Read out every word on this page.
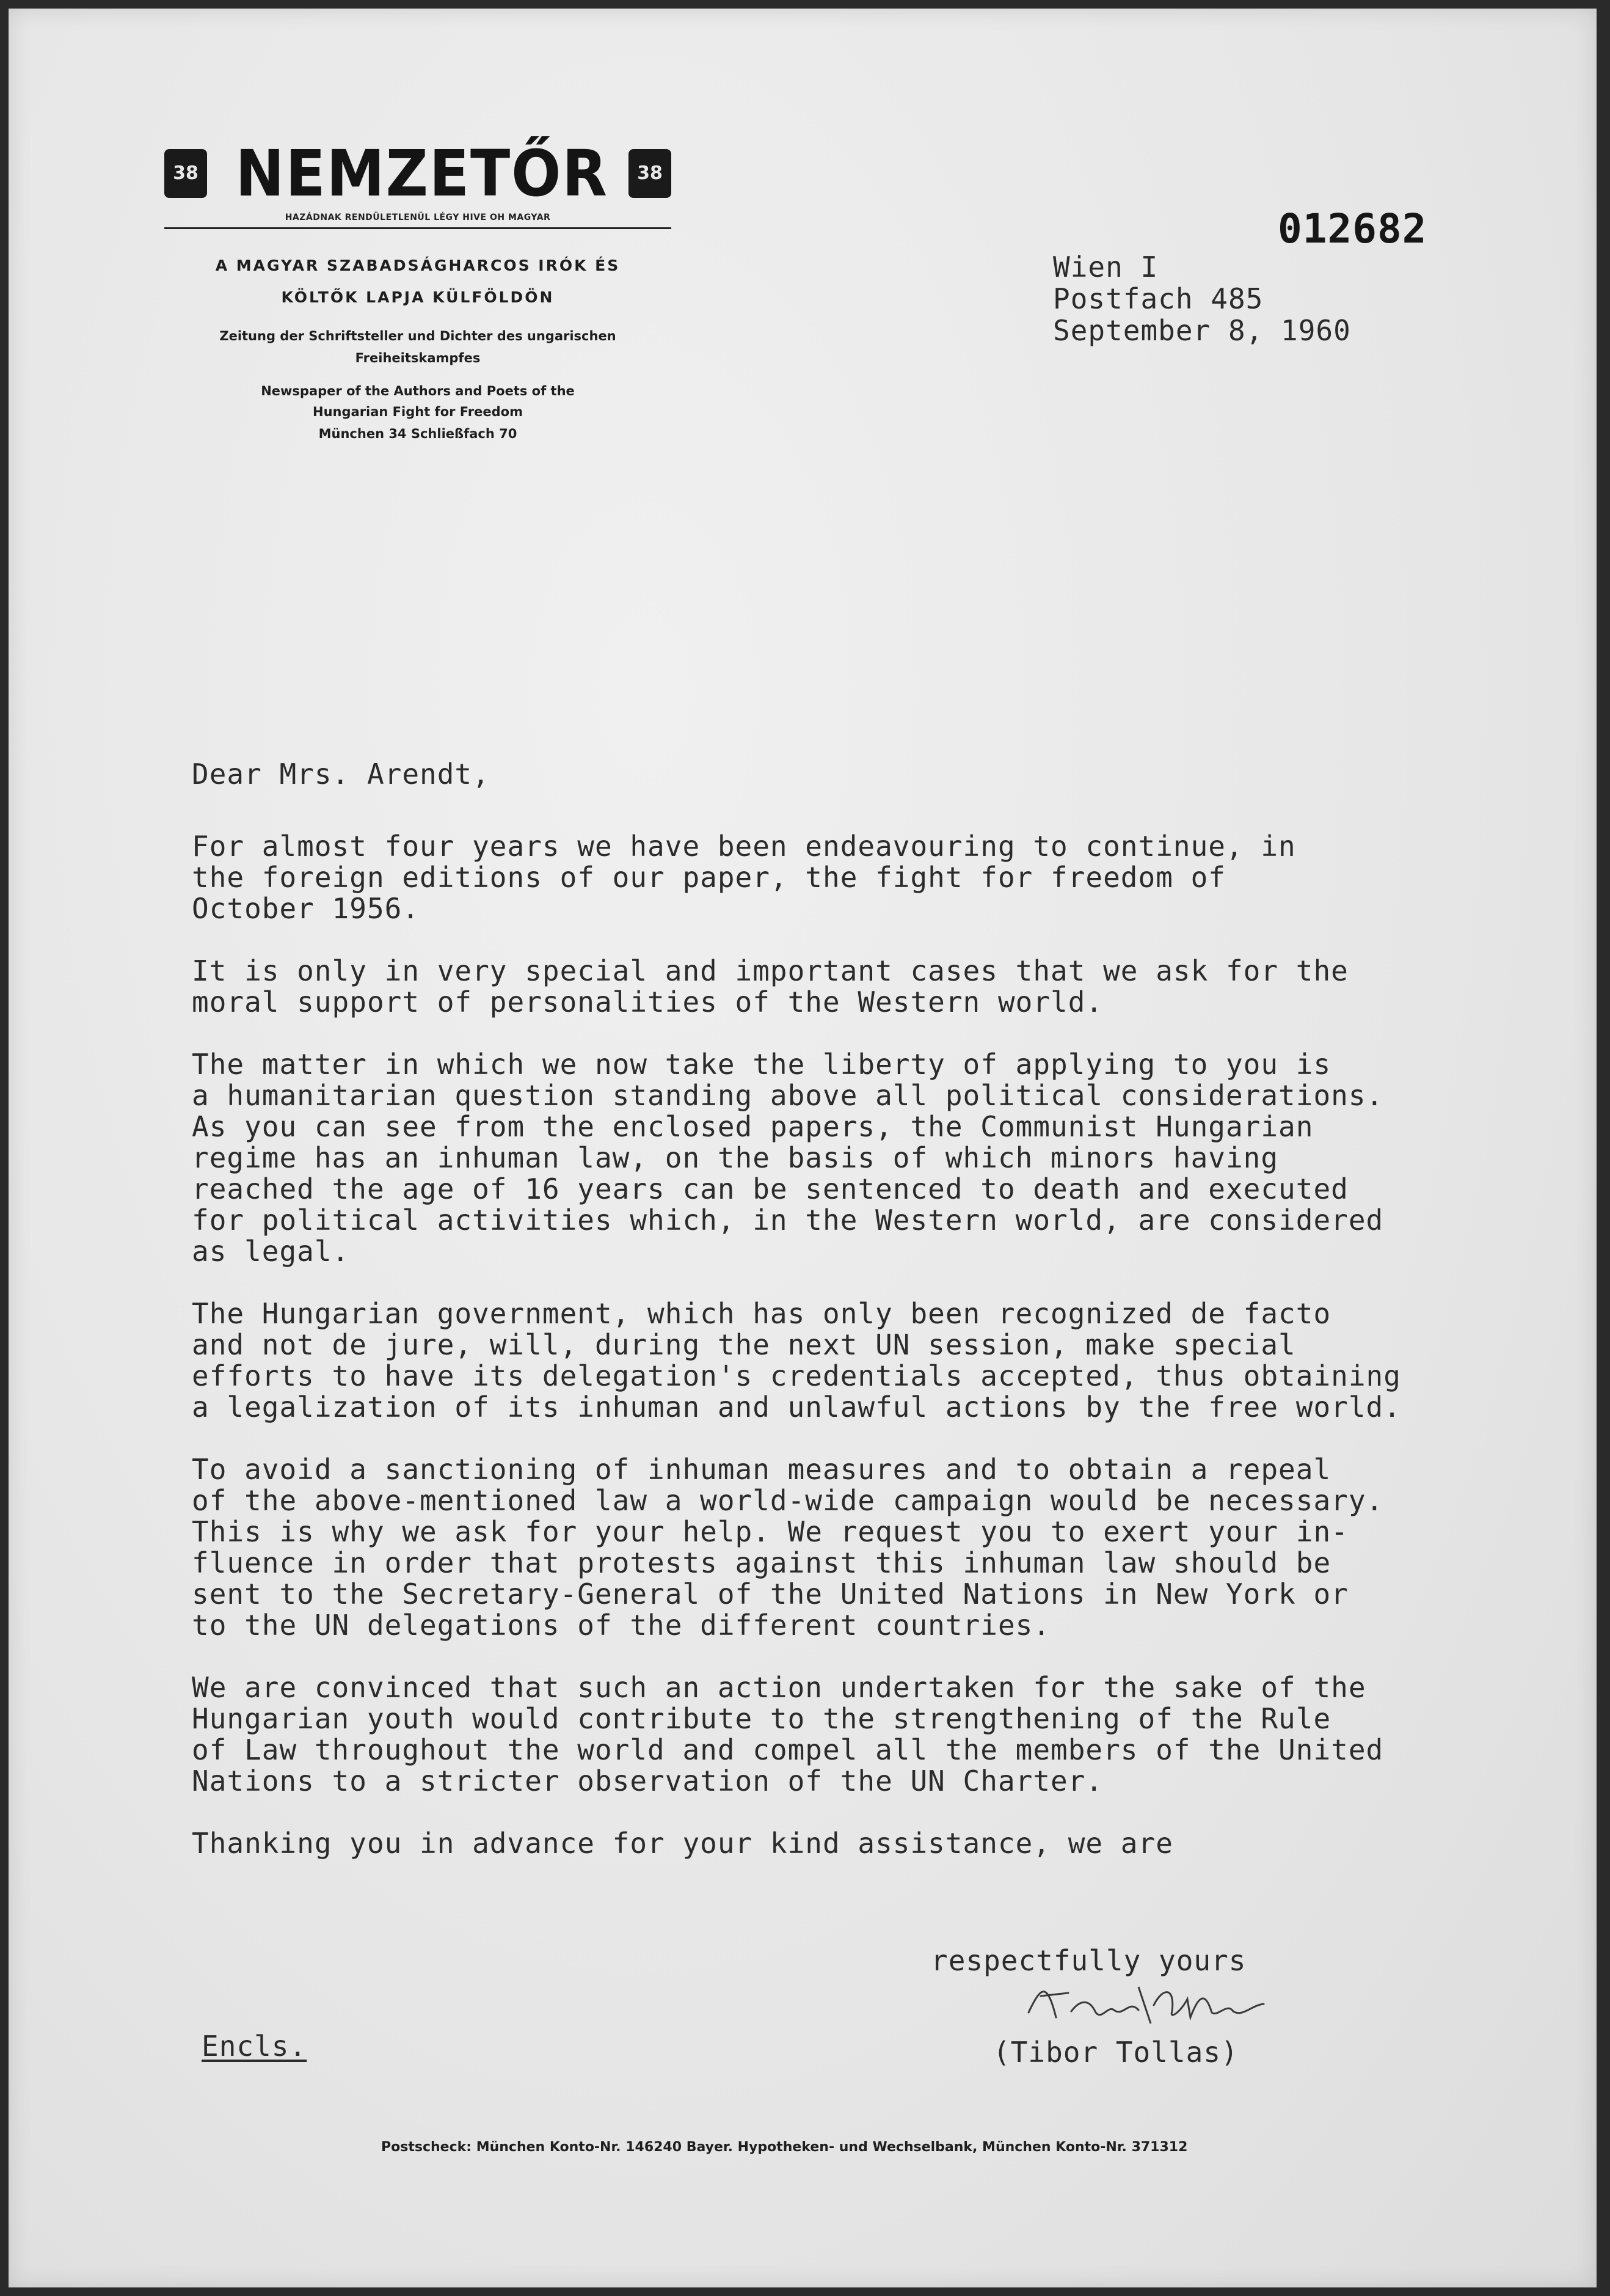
38 NEMZETŐR	38
HAZÁDNAK RENDÜLETLENÜL LÉGY HIVE OH MAGYAR
A MAGYAR SZABADSÁGHARCOS IRÓK ÉS
KÖLTŐK LAPJA KÜLFÖLDÖN
Zeitung der Schriftsteller und Dichter des ungarischen
Freiheitskampfes
Newspaper of the Authors and Poets of the
Hungarian Fight for Freedom
München 34 Schließfach 70
012682
Wien I
Postfach 485
September 8, 1960
Dear Mrs. Arendt,
For almost four years we have been endeavouring to continue, in
the foreign editions of our paper, the fight for freedom of
October 1956.
It is only in very special and important cases that we ask for the
moral support of personalities of the Western world.
The matter in which we now take the liberty of applying to you is
a humanitarian question standing above all political considerations.
As you can see from the enclosed papers, the Communist Hungarian
regime has an inhuman law, on the basis of which minors having
reached the age of 16 years can be sentenced to death and executed
for political activities which, in the Western world, are considered
as legal.
The Hungarian government, which has only been recognized de facto
and not de jure, will, during the next UN session, make special
efforts to have its delegation's credentials accepted, thus obtaining
a legalization of its inhuman and unlawful actions by the free world.
To avoid a sanctioning of inhuman measures and to obtain a repeal
of the above-mentioned law a world-wide campaign would be necessary.
This is why we ask for your help. We request you to exert your in-
fluence in order that protests against this inhuman law should be
sent to the Secretary-General of the United Nations in New York or
to the UN delegations of the different countries.
We are convinced that such an action undertaken for the sake of the
Hungarian youth would contribute to the strengthening of the Rule
of Law throughout the world and compel all the members of the United
Nations to a stricter observation of the UN Charter.
Thanking you in advance for your kind assistance, we are
respectfully yours
(Tibor Tollas)
Encls.
Postscheck: München Konto-Nr. 146240 Bayer. Hypotheken- und Wechselbank, München Konto-Nr. 371312
